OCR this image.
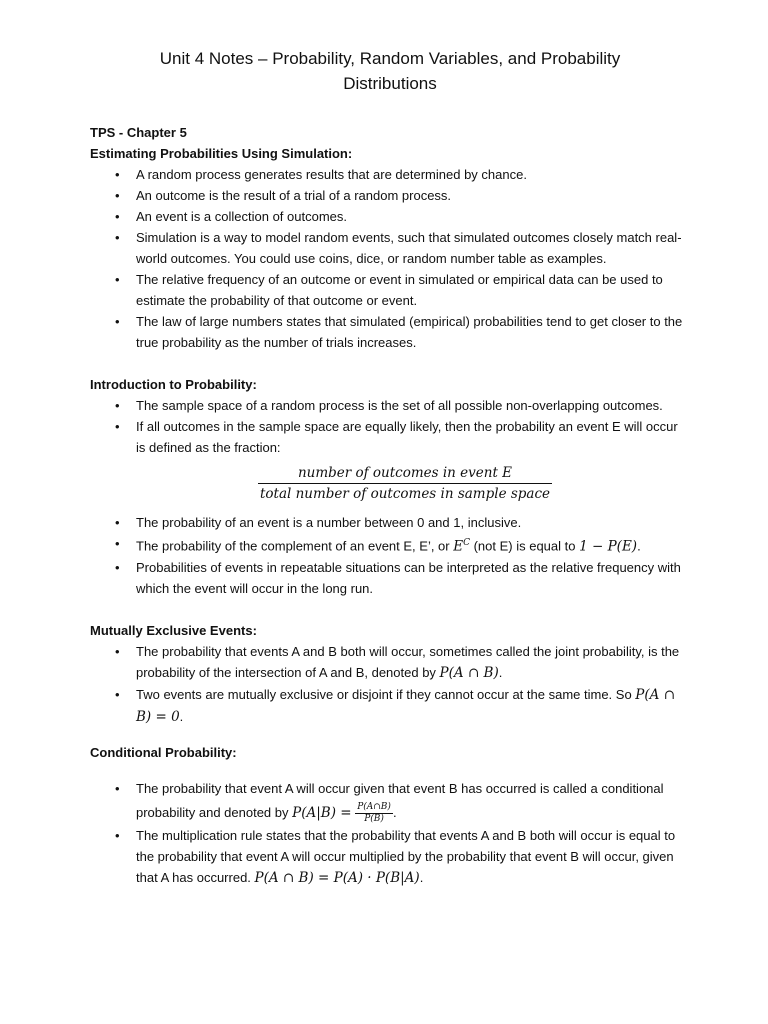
Unit 4 Notes – Probability, Random Variables, and Probability Distributions

TPS - Chapter 5

Estimating Probabilities Using Simulation:

• A random process generates results that are determined by chance.
• An outcome is the result of a trial of a random process.
• An event is a collection of outcomes.
• Simulation is a way to model random events, such that simulated outcomes closely match real-world outcomes. You could use coins, dice, or random number table as examples.
• The relative frequency of an outcome or event in simulated or empirical data can be used to estimate the probability of that outcome or event.
• The law of large numbers states that simulated (empirical) probabilities tend to get closer to the true probability as the number of trials increases.

Introduction to Probability:

• The sample space of a random process is the set of all possible non-overlapping outcomes.
• If all outcomes in the sample space are equally likely, then the probability an event E will occur is defined as the fraction:
$\frac{\text{number of outcomes in event E}}{\text{total number of outcomes in sample space}}$
• The probability of an event is a number between 0 and 1, inclusive.
• The probability of the complement of an event E, E’, or $E^C$ (not E) is equal to 1 − P(E).
• Probabilities of events in repeatable situations can be interpreted as the relative frequency with which the event will occur in the long run.

Mutually Exclusive Events:

• The probability that events A and B both will occur, sometimes called the joint probability, is the probability of the intersection of A and B, denoted by P(A ∩ B).
• Two events are mutually exclusive or disjoint if they cannot occur at the same time. So P(A ∩ B) = 0.

Conditional Probability:

• The probability that event A will occur given that event B has occurred is called a conditional probability and denoted by $P(A|B) = \frac{P(A\cap B)}{P(B)}$ .
• The multiplication rule states that the probability that events A and B both will occur is equal to the probability that event A will occur multiplied by the probability that event B will occur, given that A has occurred. P(A ∩ B) = P(A) · P(B|A).
